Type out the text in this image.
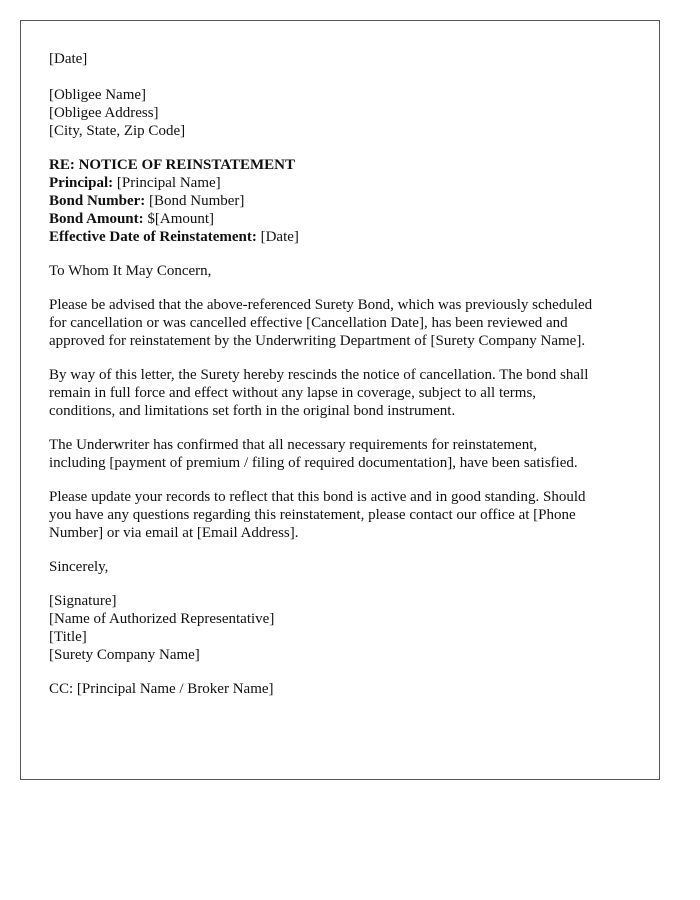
[Date]
[Obligee Name]
[Obligee Address]
[City, State, Zip Code]
RE: NOTICE OF REINSTATEMENT
Principal: [Principal Name]
Bond Number: [Bond Number]
Bond Amount: $[Amount]
Effective Date of Reinstatement: [Date]
To Whom It May Concern,
Please be advised that the above-referenced Surety Bond, which was previously scheduled
for cancellation or was cancelled effective [Cancellation Date], has been reviewed and
approved for reinstatement by the Underwriting Department of [Surety Company Name].
By way of this letter, the Surety hereby rescinds the notice of cancellation. The bond shall
remain in full force and effect without any lapse in coverage, subject to all terms,
conditions, and limitations set forth in the original bond instrument.
The Underwriter has confirmed that all necessary requirements for reinstatement,
including [payment of premium / filing of required documentation], have been satisfied.
Please update your records to reflect that this bond is active and in good standing. Should
you have any questions regarding this reinstatement, please contact our office at [Phone
Number] or via email at [Email Address].
Sincerely,
[Signature]
[Name of Authorized Representative]
[Title]
[Surety Company Name]
CC: [Principal Name / Broker Name]
